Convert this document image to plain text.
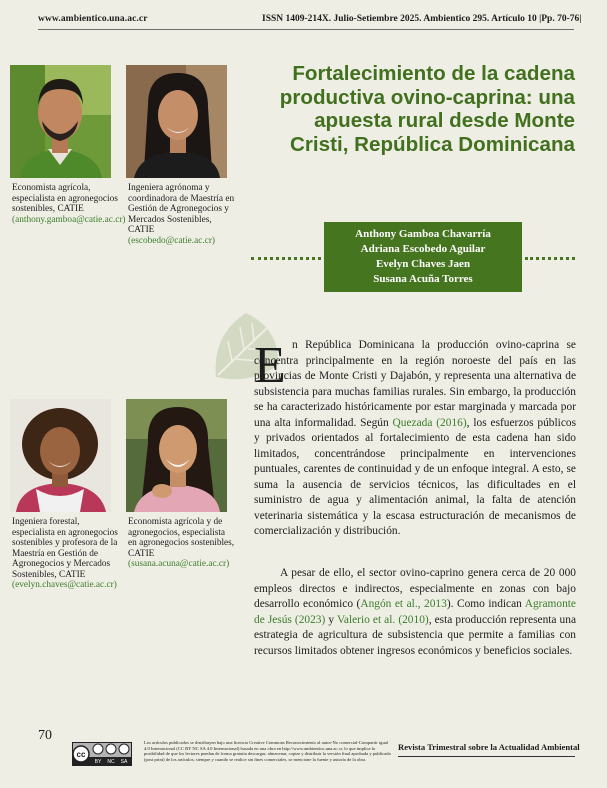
www.ambientico.una.ac.cr	ISSN 1409-214X. Julio-Setiembre 2025. Ambientico 295. Artículo 10 |Pp. 70-76|
Economista agrícola, especialista en agronegocios sostenibles, CATIE (anthony.gamboa@catie.ac.cr)
Ingeniera agrónoma y coordinadora de Maestría en Gestión de Agronegocios y Mercados Sostenibles, CATIE (escobedo@catie.ac.cr)
Ingeniera forestal, especialista en agronegocios sostenibles y profesora de la Maestría en Gestión de Agronegocios y Mercados Sostenibles, CATIE (evelyn.chaves@catie.ac.cr)
Economista agrícola y de agronegocios, especialista en agronegocios sostenibles, CATIE (susana.acuna@catie.ac.cr)
Fortalecimiento de la cadena productiva ovino-caprina: una apuesta rural desde Monte Cristi, República Dominicana
Anthony Gamboa Chavarría
Adriana Escobedo Aguilar
Evelyn Chaves Jaen
Susana Acuña Torres
E n República Dominicana la producción ovino-caprina se concentra principalmente en la región noroeste del país en las provincias de Monte Cristi y Dajabón, y representa una alternativa de subsistencia para muchas familias rurales. Sin embargo, la producción se ha caracterizado históricamente por estar marginada y marcada por una alta informalidad. Según Quezada (2016), los esfuerzos públicos y privados orientados al fortalecimiento de esta cadena han sido limitados, concentrándose principalmente en intervenciones puntuales, carentes de continuidad y de un enfoque integral. A esto, se suma la ausencia de servicios técnicos, las dificultades en el suministro de agua y alimentación animal, la falta de atención veterinaria sistemática y la escasa estructuración de mecanismos de comercialización y distribución.

A pesar de ello, el sector ovino-caprino genera cerca de 20 000 empleos directos e indirectos, especialmente en zonas con bajo desarrollo económico (Angón et al., 2013). Como indican Agramonte de Jesús (2023) y Valerio et al. (2010), esta producción representa una estrategia de agricultura de subsistencia que permite a familias con recursos limitados obtener ingresos económicos y beneficios sociales.

70
cc
BY NC SA
Los artículos publicados se distribuyen bajo una licencia Creative Commons Reconocimiento al autor-No comercial-Compartir igual 4.0 Internacional (CC BY NC SA 4.0 Internacional) basada en una obra en http://www.ambientico.una.ac.cr, lo que implica la posibilidad de que los lectores puedan de forma gratuita descargar, almacenar, copiar y distribuir la versión final aprobada y publicada (post print) de los artículos, siempre y cuando se realice sin fines comerciales, se mencione la fuente y autoría de la obra.
Revista Trimestral sobre la Actualidad Ambiental
